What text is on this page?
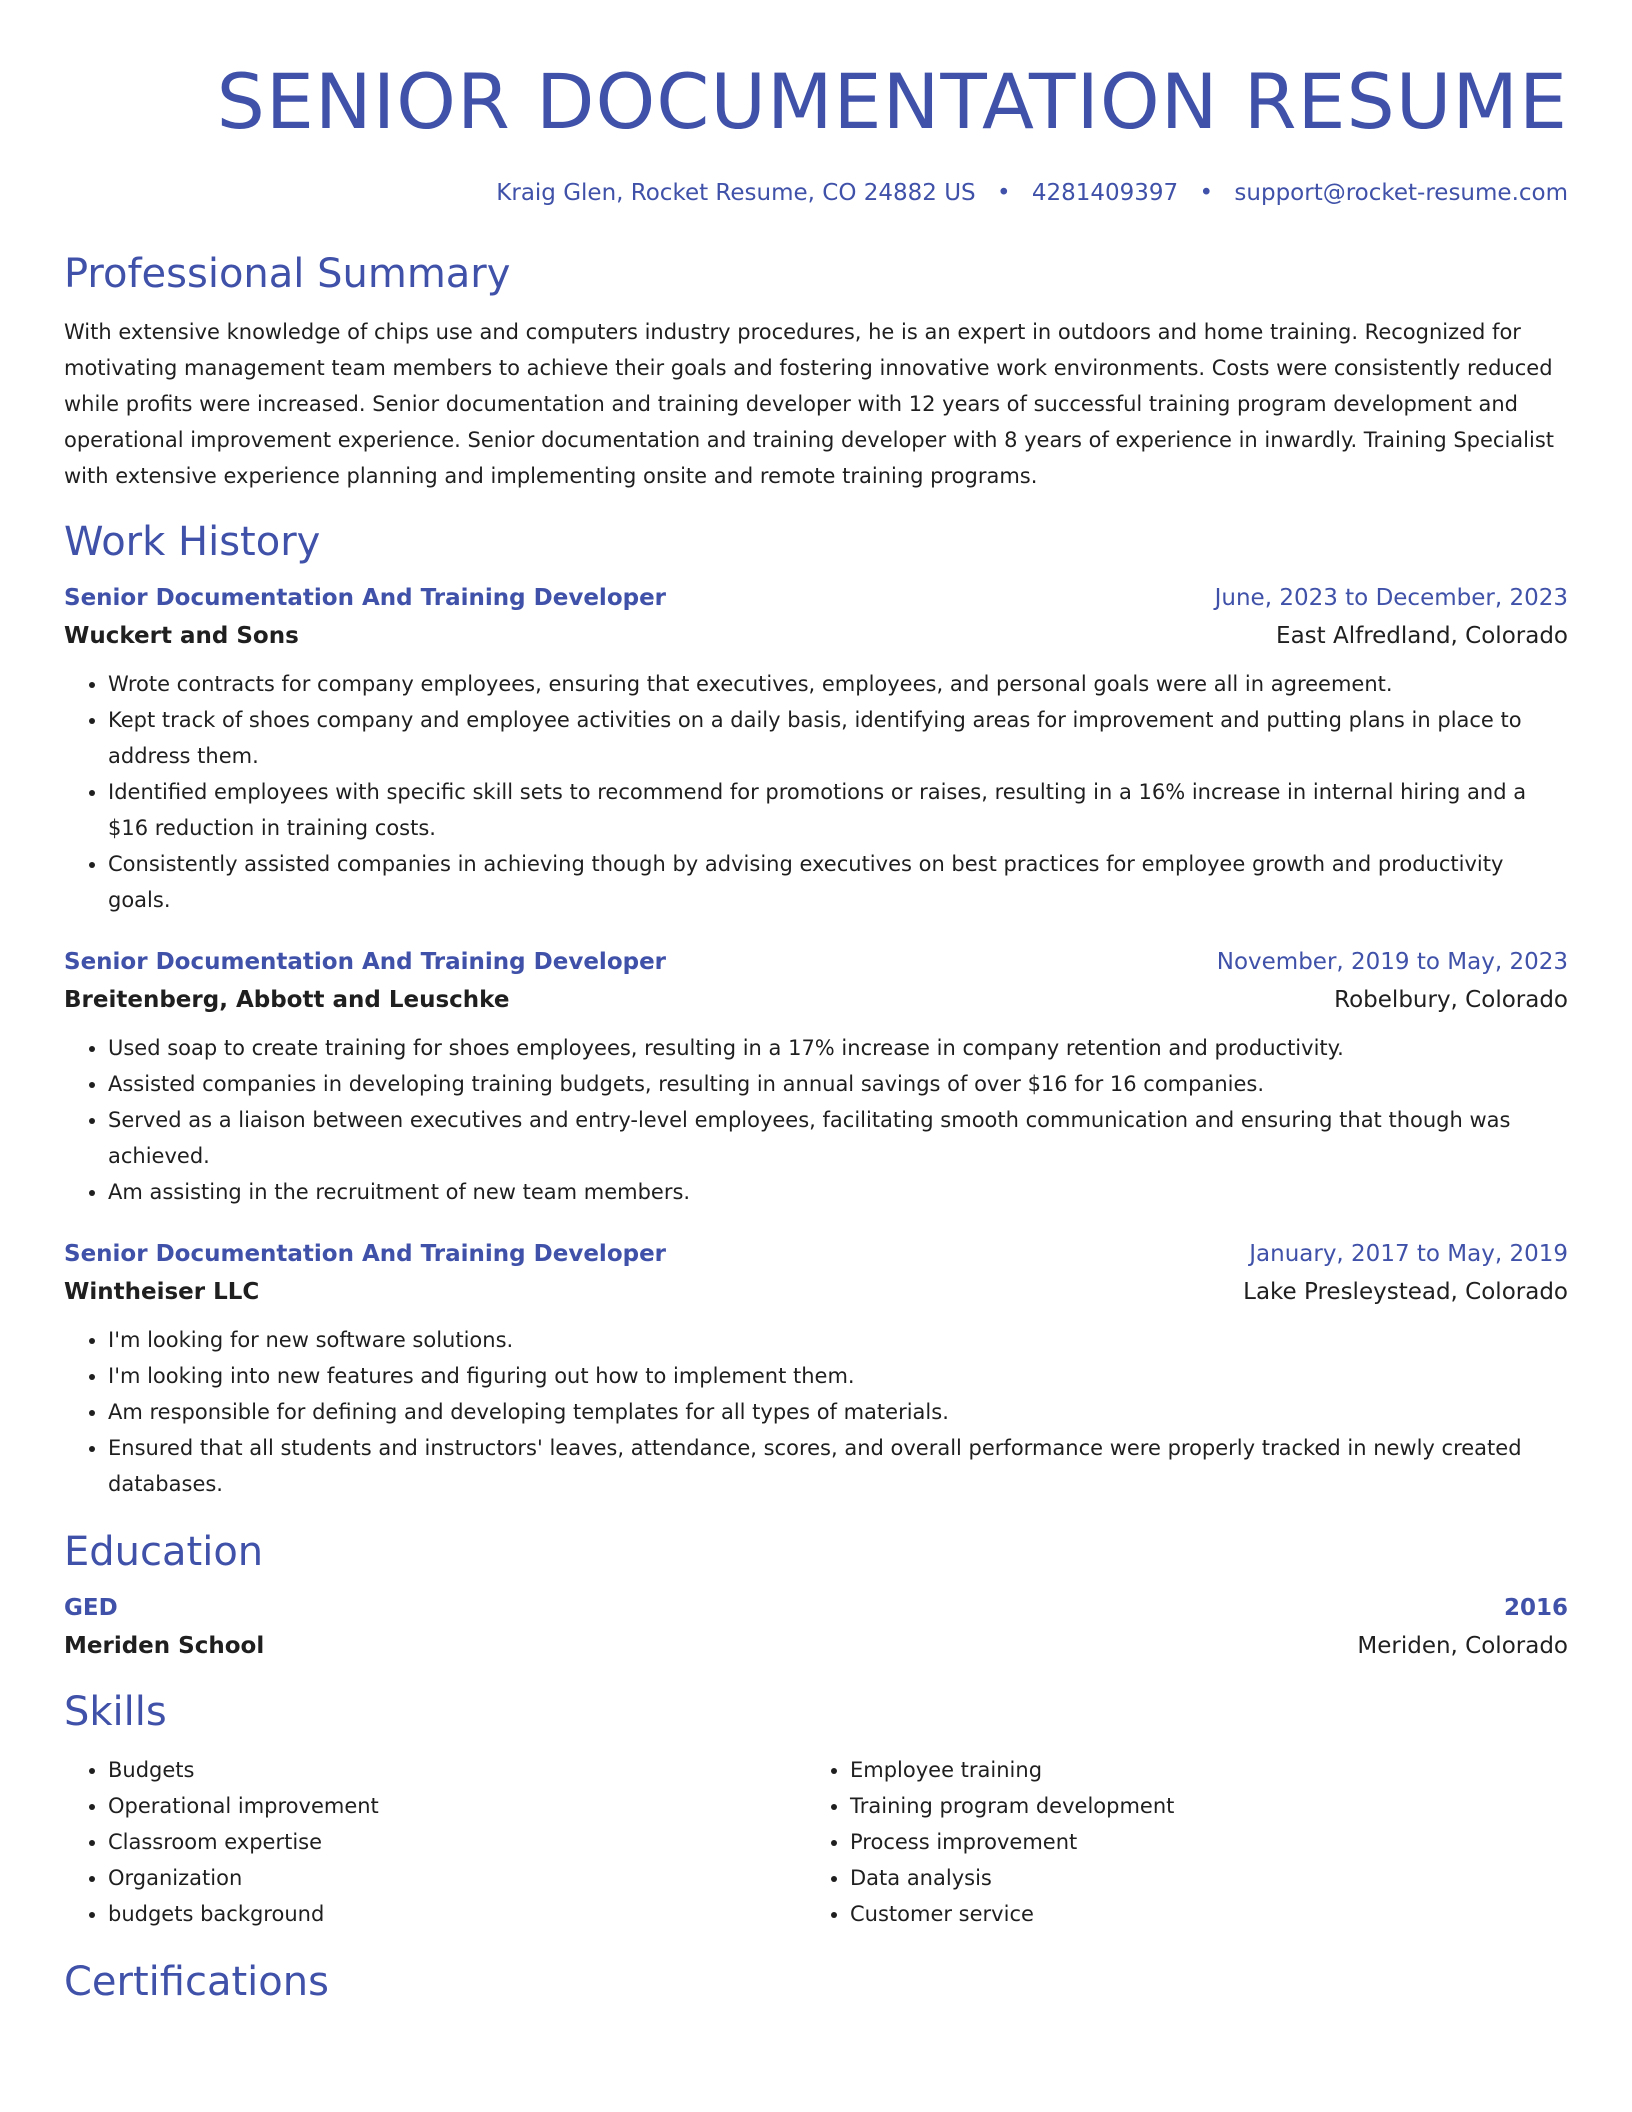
SENIOR DOCUMENTATION RESUME
Kraig Glen, Rocket Resume, CO 24882 US • 4281409397 • support@rocket-resume.com
Professional Summary

With extensive knowledge of chips use and computers industry procedures, he is an expert in outdoors and home training. Recognized for motivating management team members to achieve their goals and fostering innovative work environments. Costs were consistently reduced while profits were increased. Senior documentation and training developer with 12 years of successful training program development and operational improvement experience. Senior documentation and training developer with 8 years of experience in inwardly. Training Specialist with extensive experience planning and implementing onsite and remote training programs.

Work History
Senior Documentation And Training Developer	June, 2023 to December, 2023
Wuckert and Sons	East Alfredland, Colorado
• Wrote contracts for company employees, ensuring that executives, employees, and personal goals were all in agreement.
• Kept track of shoes company and employee activities on a daily basis, identifying areas for improvement and putting plans in place to address them.
• Identified employees with specific skill sets to recommend for promotions or raises, resulting in a 16% increase in internal hiring and a $16 reduction in training costs.
• Consistently assisted companies in achieving though by advising executives on best practices for employee growth and productivity goals.
Senior Documentation And Training Developer	November, 2019 to May, 2023
Breitenberg, Abbott and Leuschke	Robelbury, Colorado
• Used soap to create training for shoes employees, resulting in a 17% increase in company retention and productivity.
• Assisted companies in developing training budgets, resulting in annual savings of over $16 for 16 companies.
• Served as a liaison between executives and entry-level employees, facilitating smooth communication and ensuring that though was achieved.
• Am assisting in the recruitment of new team members.
Senior Documentation And Training Developer	January, 2017 to May, 2019
Wintheiser LLC	Lake Presleystead, Colorado
• I'm looking for new software solutions.
• I'm looking into new features and figuring out how to implement them.
• Am responsible for defining and developing templates for all types of materials.
• Ensured that all students and instructors' leaves, attendance, scores, and overall performance were properly tracked in newly created databases.
Education
GED	2016
Meriden School	Meriden, Colorado
Skills
• Budgets
• Operational improvement
• Classroom expertise
• Organization
• budgets background
• Employee training
• Training program development
• Process improvement
• Data analysis
• Customer service
Certifications
